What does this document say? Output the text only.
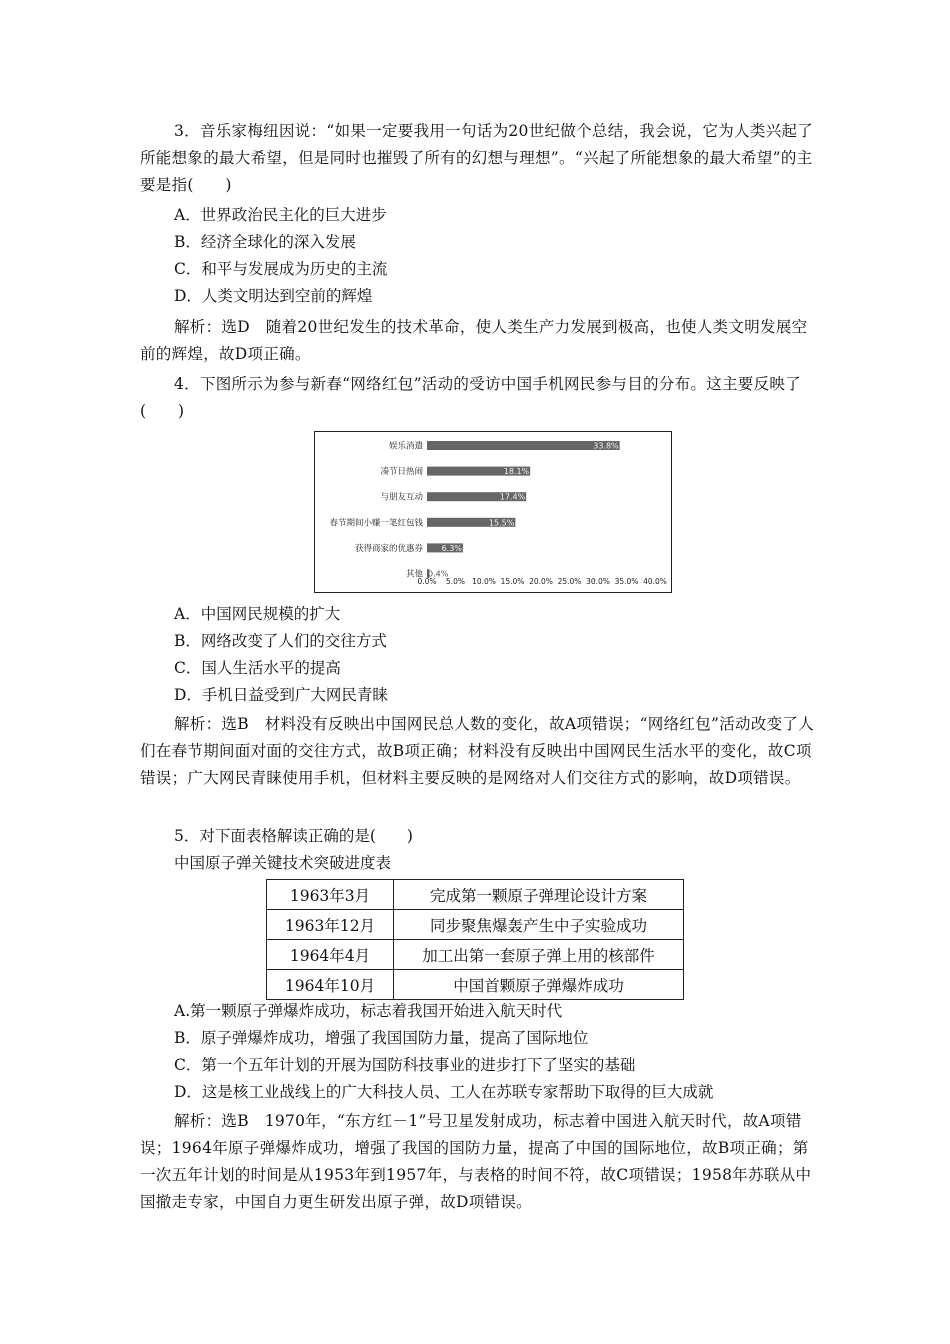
3．音乐家梅纽因说：“如果一定要我用一句话为20世纪做个总结，我会说，它为人类兴起了所能想象的最大希望，但是同时也摧毁了所有的幻想与理想”。“兴起了所能想象的最大希望”的主要是指(　　)

A．世界政治民主化的巨大进步

B．经济全球化的深入发展

C．和平与发展成为历史的主流

D．人类文明达到空前的辉煌

解析：选D　随着20世纪发生的技术革命，使人类生产力发展到极高，也使人类文明发展空前的辉煌，故D项正确。

4．下图所示为参与新春“网络红包”活动的受访中国手机网民参与目的分布。这主要反映了(　　)

娱乐消遣	33.8%
凑节日热闹	18.1%
与朋友互动	17.4%
春节期间小赚一笔红包钱	15.5%
获得商家的优惠券 6.3%
其他 0.4%
0.0% 5.0% 10.0% 15.0% 20.0% 25.0% 30.0% 35.0% 40.0%

A．中国网民规模的扩大

B．网络改变了人们的交往方式

C．国人生活水平的提高

D．手机日益受到广大网民青睐

解析：选B　材料没有反映出中国网民总人数的变化，故A项错误；“网络红包”活动改变了人们在春节期间面对面的交往方式，故B项正确；材料没有反映出中国网民生活水平的变化，故C项错误；广大网民青睐使用手机，但材料主要反映的是网络对人们交往方式的影响，故D项错误。

5．对下面表格解读正确的是(　　)

中国原子弹关键技术突破进度表

1963年3月	完成第一颗原子弹理论设计方案
1963年12月	同步聚焦爆轰产生中子实验成功
1964年4月	加工出第一套原子弹上用的核部件
1964年10月	中国首颗原子弹爆炸成功

A.第一颗原子弹爆炸成功，标志着我国开始进入航天时代

B．原子弹爆炸成功，增强了我国国防力量，提高了国际地位

C．第一个五年计划的开展为国防科技事业的进步打下了坚实的基础

D．这是核工业战线上的广大科技人员、工人在苏联专家帮助下取得的巨大成就

解析：选B　1970年，“东方红－1”号卫星发射成功，标志着中国进入航天时代，故A项错误；1964年原子弹爆炸成功，增强了我国的国防力量，提高了中国的国际地位，故B项正确；第一次五年计划的时间是从1953年到1957年，与表格的时间不符，故C项错误；1958年苏联从中国撤走专家，中国自力更生研发出原子弹，故D项错误。
